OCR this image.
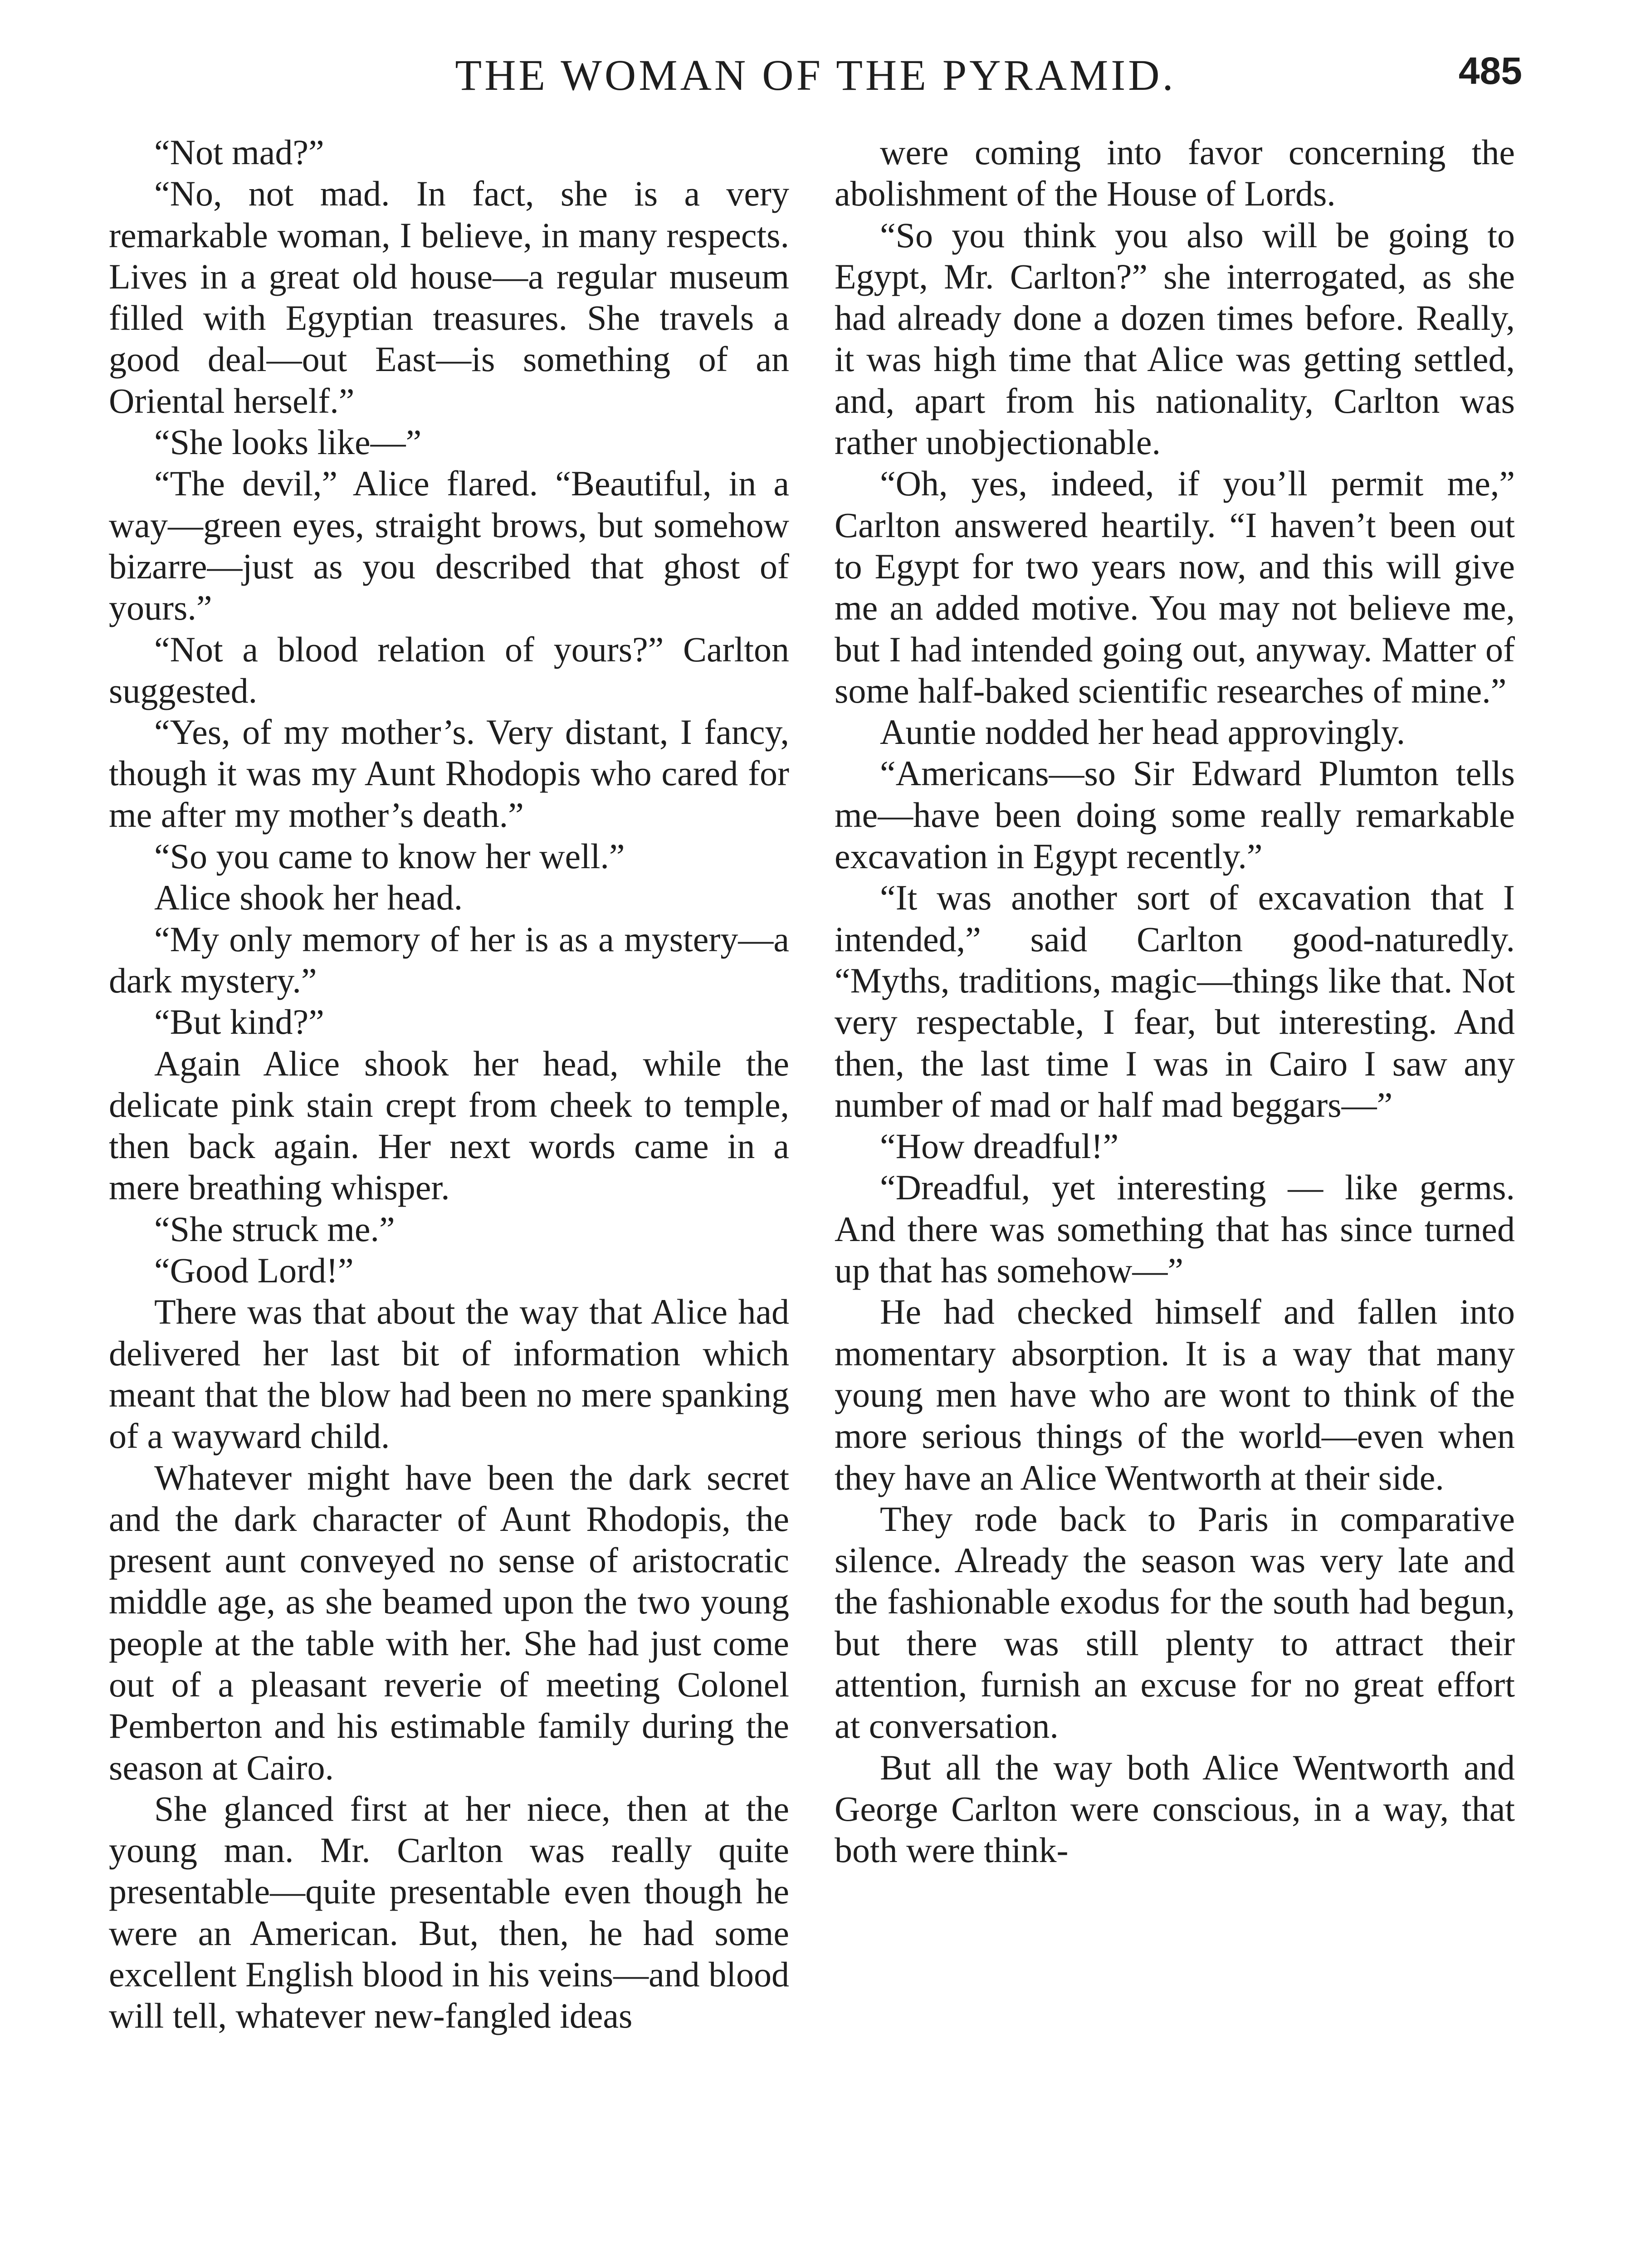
THE WOMAN OF THE PYRAMID.	485

“Not mad?”

“No, not mad. In fact, she is a very remarkable woman, I believe, in many respects. Lives in a great old house—a regular museum filled with Egyptian treasures. She travels a good deal—out East—is something of an Oriental herself.”

“She looks like—”

“The devil,” Alice flared. “Beautiful, in a way—green eyes, straight brows, but somehow bizarre—just as you described that ghost of yours.”

“Not a blood relation of yours?” Carlton suggested.

“Yes, of my mother’s. Very distant, I fancy, though it was my Aunt Rhodopis who cared for me after my mother’s death.”

“So you came to know her well.”

Alice shook her head.

“My only memory of her is as a mystery—a dark mystery.”

“But kind?”

Again Alice shook her head, while the delicate pink stain crept from cheek to temple, then back again. Her next words came in a mere breathing whisper.

“She struck me.”

“Good Lord!”

There was that about the way that Alice had delivered her last bit of information which meant that the blow had been no mere spanking of a wayward child.

Whatever might have been the dark secret and the dark character of Aunt Rhodopis, the present aunt conveyed no sense of aristocratic middle age, as she beamed upon the two young people at the table with her. She had just come out of a pleasant reverie of meeting Colonel Pemberton and his estimable family during the season at Cairo.

She glanced first at her niece, then at the young man. Mr. Carlton was really quite presentable—quite presentable even though he were an American. But, then, he had some excellent English blood in his veins—and blood will tell, whatever new-fangled ideas

were coming into favor concerning the abolishment of the House of Lords.

“So you think you also will be going to Egypt, Mr. Carlton?” she interrogated, as she had already done a dozen times before. Really, it was high time that Alice was getting settled, and, apart from his nationality, Carlton was rather unobjectionable.

“Oh, yes, indeed, if you’ll permit me,” Carlton answered heartily. “I haven’t been out to Egypt for two years now, and this will give me an added motive. You may not believe me, but I had intended going out, anyway. Matter of some half-baked scientific researches of mine.”

Auntie nodded her head approvingly.

“Americans—so Sir Edward Plumton tells me—have been doing some really remarkable excavation in Egypt recently.”

“It was another sort of excavation that I intended,” said Carlton good-naturedly. “Myths, traditions, magic—things like that. Not very respectable, I fear, but interesting. And then, the last time I was in Cairo I saw any number of mad or half mad beggars—”

“How dreadful!”

“Dreadful, yet interesting — like germs. And there was something that has since turned up that has somehow—”

He had checked himself and fallen into momentary absorption. It is a way that many young men have who are wont to think of the more serious things of the world—even when they have an Alice Wentworth at their side.

They rode back to Paris in comparative silence. Already the season was very late and the fashionable exodus for the south had begun, but there was still plenty to attract their attention, furnish an excuse for no great effort at conversation.

But all the way both Alice Wentworth and George Carlton were conscious, in a way, that both were think-
